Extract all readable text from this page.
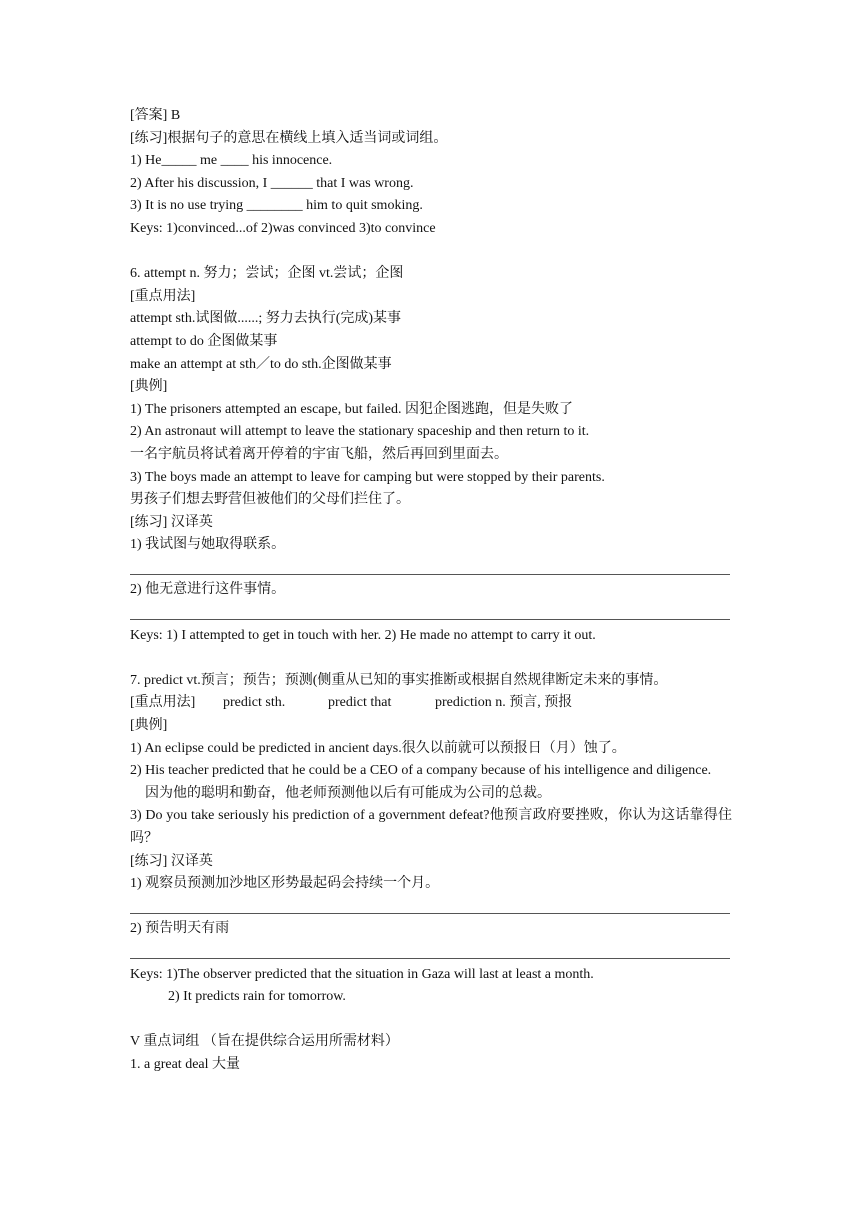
[答案] B
[练习]根据句子的意思在横线上填入适当词或词组。
1) He_____ me ____ his innocence.
2) After his discussion, I ______ that I was wrong.
3) It is no use trying ________ him to quit smoking.
Keys: 1)convinced...of 2)was convinced 3)to convince
6. attempt n. 努力；尝试；企图 vt.尝试；企图
[重点用法]
attempt sth.试图做......; 努力去执行(完成)某事
attempt to do 企图做某事
make an attempt at sth／to do sth.企图做某事
[典例]
1) The prisoners attempted an escape, but failed. 因犯企图逃跑，但是失败了
2) An astronaut will attempt to leave the stationary spaceship and then return to it.
一名宇航员将试着离开停着的宇宙飞船，然后再回到里面去。
3) The boys made an attempt to leave for camping but were stopped by their parents.
男孩子们想去野营但被他们的父母们拦住了。
[练习] 汉译英
1) 我试图与她取得联系。
2) 他无意进行这件事情。
Keys: 1) I attempted to get in touch with her. 2) He made no attempt to carry it out.
7. predict vt.预言；预告；预测(侧重从已知的事实推断或根据自然规律断定未来的事情。
[重点用法] predict sth.	predict that	prediction n. 预言, 预报
[典例]
1) An eclipse could be predicted in ancient days.很久以前就可以预报日（月）蚀了。
2) His teacher predicted that he could be a CEO of a company because of his intelligence and diligence.
因为他的聪明和勤奋，他老师预测他以后有可能成为公司的总裁。
3) Do you take seriously his prediction of a government defeat?他预言政府要挫败，你认为这话靠得住吗？
[练习] 汉译英
1) 观察员预测加沙地区形势最起码会持续一个月。
2) 预告明天有雨
Keys: 1)The observer predicted that the situation in Gaza will last at least a month.
2) It predicts rain for tomorrow.
V 重点词组 （旨在提供综合运用所需材料）
1. a great deal 大量
